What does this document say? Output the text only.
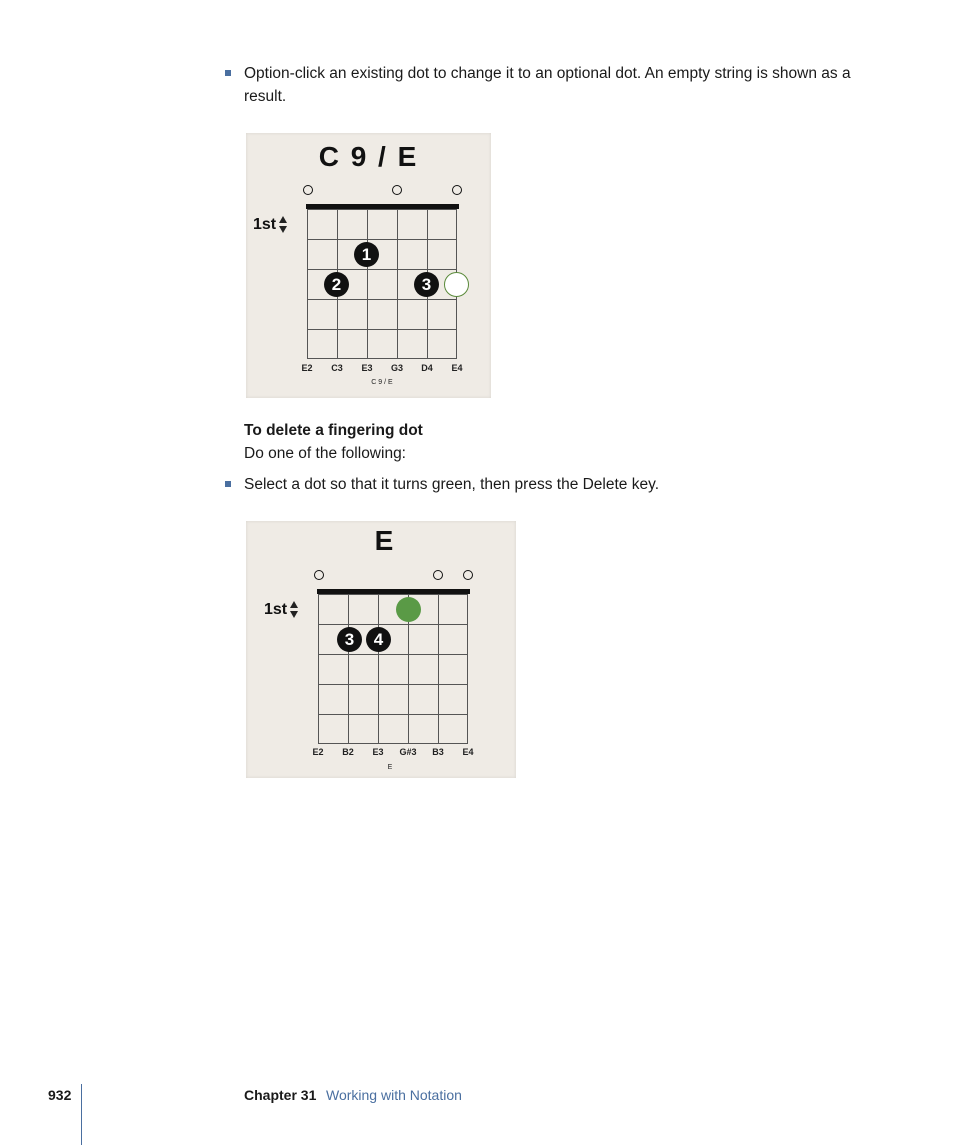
Option-click an existing dot to change it to an optional dot. An empty string is shown as a result.
C 9 / E
1st
1
2	3
E2	C3	E3	G3	D4	E4
C 9 / E
To delete a fingering dot
Do one of the following:
Select a dot so that it turns green, then press the Delete key.
E
1st
3	4
E2	B2	E3	G#3	B3	E4
E
932	Chapter 31 Working with Notation
